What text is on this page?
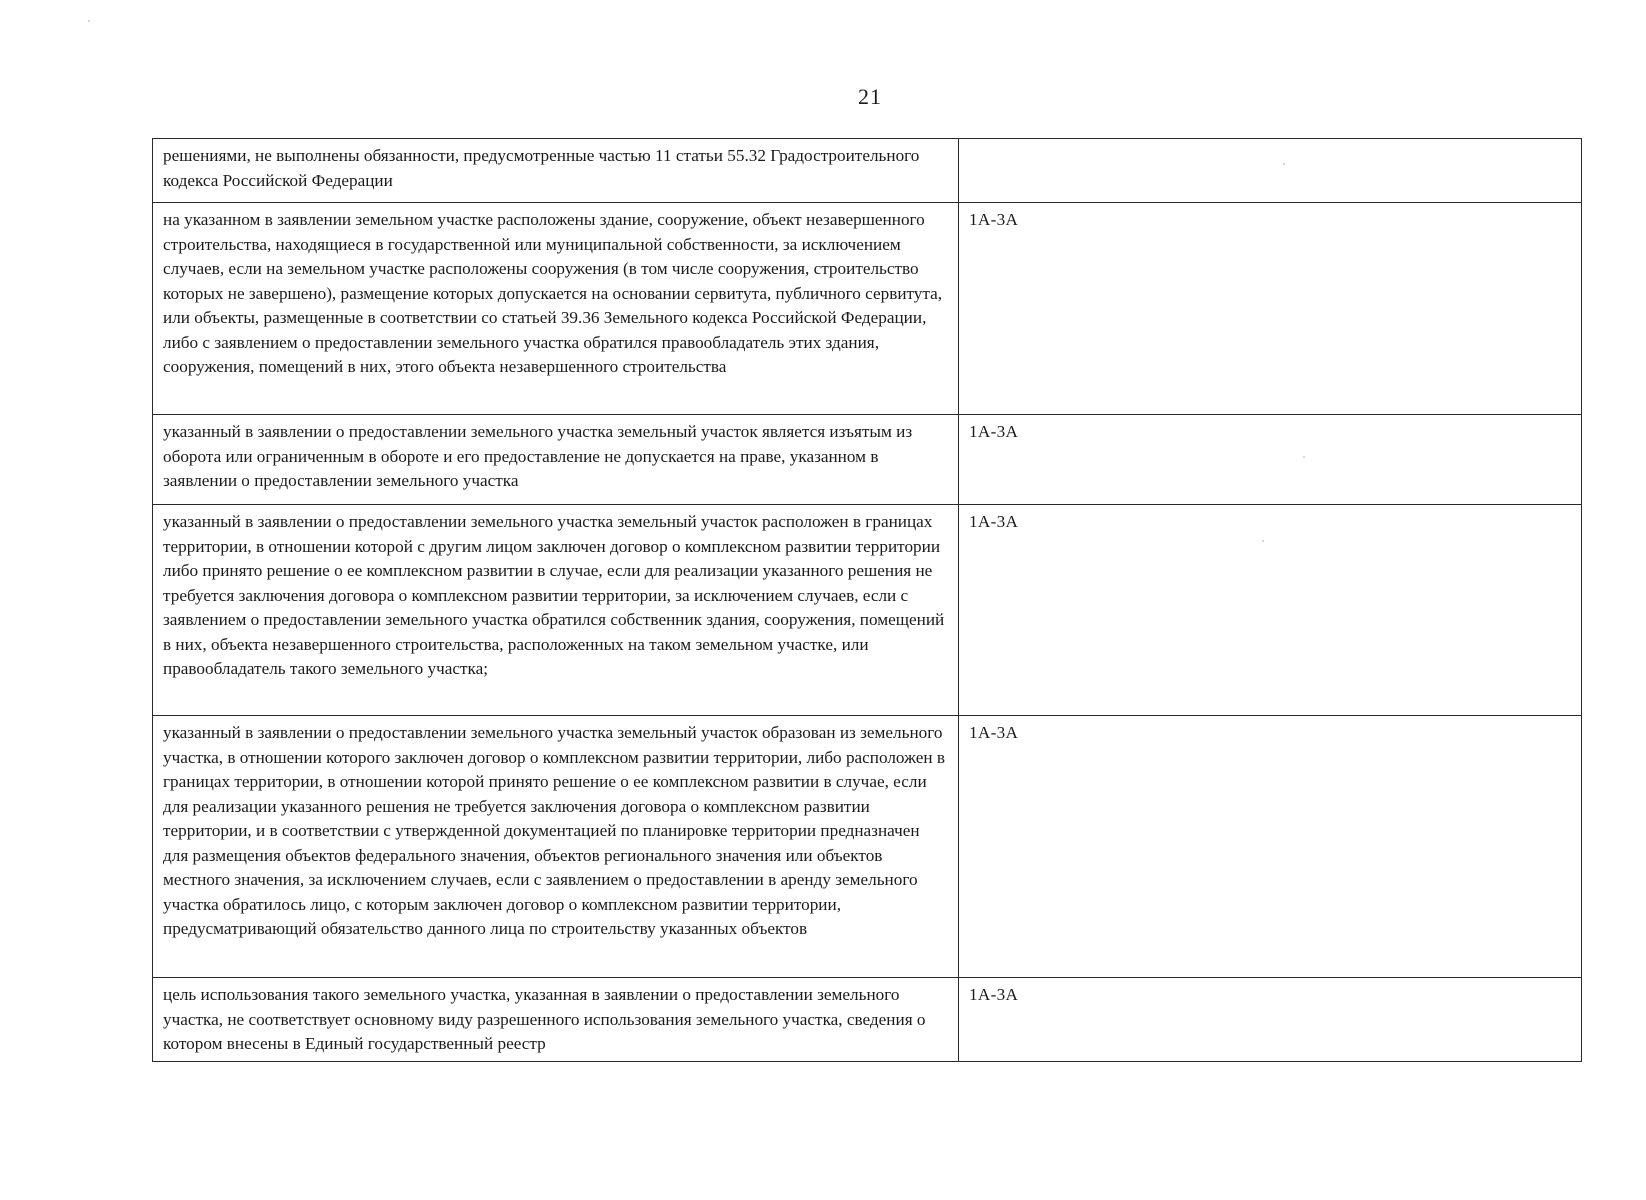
21
решениями, не выполнены обязанности, предусмотренные частью 11 статьи 55.32 Градостроительного кодекса Российской Федерации	
на указанном в заявлении земельном участке расположены здание, сооружение, объект незавершенного строительства, находящиеся в государственной или муниципальной собственности, за исключением случаев, если на земельном участке расположены сооружения (в том числе сооружения, строительство которых не завершено), размещение которых допускается на основании сервитута, публичного сервитута, или объекты, размещенные в соответствии со статьей 39.36 Земельного кодекса Российской Федерации, либо с заявлением о предоставлении земельного участка обратился правообладатель этих здания, сооружения, помещений в них, этого объекта незавершенного строительства	1А-3А
указанный в заявлении о предоставлении земельного участка земельный участок является изъятым из оборота или ограниченным в обороте и его предоставление не допускается на праве, указанном в заявлении о предоставлении земельного участка	1А-3А
указанный в заявлении о предоставлении земельного участка земельный участок расположен в границах территории, в отношении которой с другим лицом заключен договор о комплексном развитии территории либо принято решение о ее комплексном развитии в случае, если для реализации указанного решения не требуется заключения договора о комплексном развитии территории, за исключением случаев, если с заявлением о предоставлении земельного участка обратился собственник здания, сооружения, помещений в них, объекта незавершенного строительства, расположенных на таком земельном участке, или правообладатель такого земельного участка;	1А-3А
указанный в заявлении о предоставлении земельного участка земельный участок образован из земельного участка, в отношении которого заключен договор о комплексном развитии территории, либо расположен в границах территории, в отношении которой принято решение о ее комплексном развитии в случае, если для реализации указанного решения не требуется заключения договора о комплексном развитии территории, и в соответствии с утвержденной документацией по планировке территории предназначен для размещения объектов федерального значения, объектов регионального значения или объектов местного значения, за исключением случаев, если с заявлением о предоставлении в аренду земельного участка обратилось лицо, с которым заключен договор о комплексном развитии территории, предусматривающий обязательство данного лица по строительству указанных объектов	1А-3А
цель использования такого земельного участка, указанная в заявлении о предоставлении земельного участка, не соответствует основному виду разрешенного использования земельного участка, сведения о котором внесены в Единый государственный реестр	1А-3А
